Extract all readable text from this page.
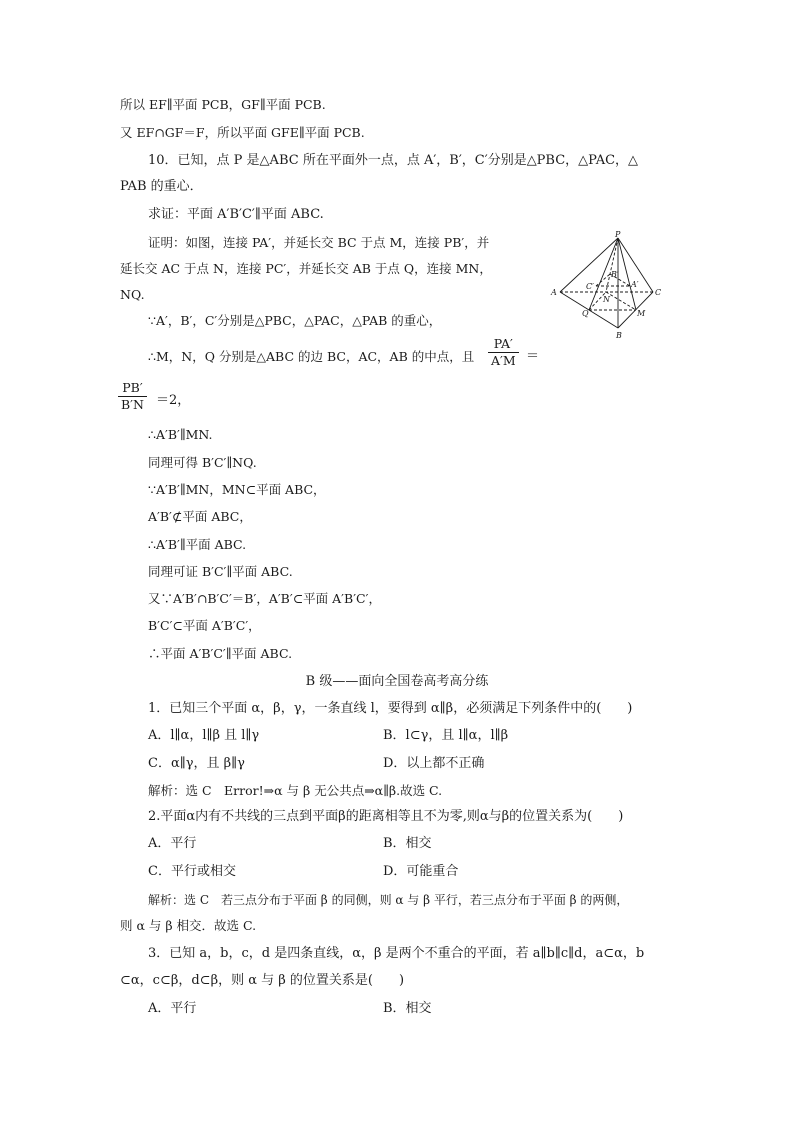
所以 EF∥平面 PCB，GF∥平面 PCB.
又 EF∩GF＝F，所以平面 GFE∥平面 PCB.
10．已知，点 P 是△ABC 所在平面外一点，点 A′，B′，C′分别是△PBC，△PAC，△
PAB 的重心．
求证：平面 A′B′C′∥平面 ABC.
证明：如图，连接 PA′，并延长交 BC 于点 M，连接 PB′，并
延长交 AC 于点 N，连接 PC′，并延长交 AB 于点 Q，连接 MN，
NQ.
∵A′，B′，C′分别是△PBC，△PAC，△PAB 的重心，
∴M，N，Q 分别是△ABC 的边 BC，AC，AB 的中点，且
PA′
A′M ＝
PB′
B′N ＝2，
∴A′B′∥MN.
同理可得 B′C′∥NQ.
∵A′B′∥MN，MN⊂平面 ABC，
A′B′⊄平面 ABC，
∴A′B′∥平面 ABC.
同理可证 B′C′∥平面 ABC.
又∵A′B′∩B′C′＝B′，A′B′⊂平面 A′B′C′，
B′C′⊂平面 A′B′C′，
∴平面 A′B′C′∥平面 ABC.
B 级——面向全国卷高考高分练
1．已知三个平面 α，β，γ，一条直线 l，要得到 α∥β，必须满足下列条件中的(　　)
A．l∥α，l∥β 且 l∥γ	B．l⊂γ，且 l∥α，l∥β
C．α∥γ，且 β∥γ	D．以上都不正确
解析：选 C　Error!⇒α 与 β 无公共点⇒α∥β.故选 C.
2.平面α内有不共线的三点到平面β的距离相等且不为零,则α与β的位置关系为(　　)
A．平行	B．相交
C．平行或相交	D．可能重合
解析：选 C　若三点分布于平面 β 的同侧，则 α 与 β 平行，若三点分布于平面 β 的两侧，
则 α 与 β 相交．故选 C.
3．已知 a，b，c，d 是四条直线，α，β 是两个不重合的平面，若 a∥b∥c∥d，a⊂α，b
⊂α，c⊂β，d⊂β，则 α 与 β 的位置关系是(　　)
A．平行	B．相交
P
A	C
B
M
N
Q
A′
B′
C′
